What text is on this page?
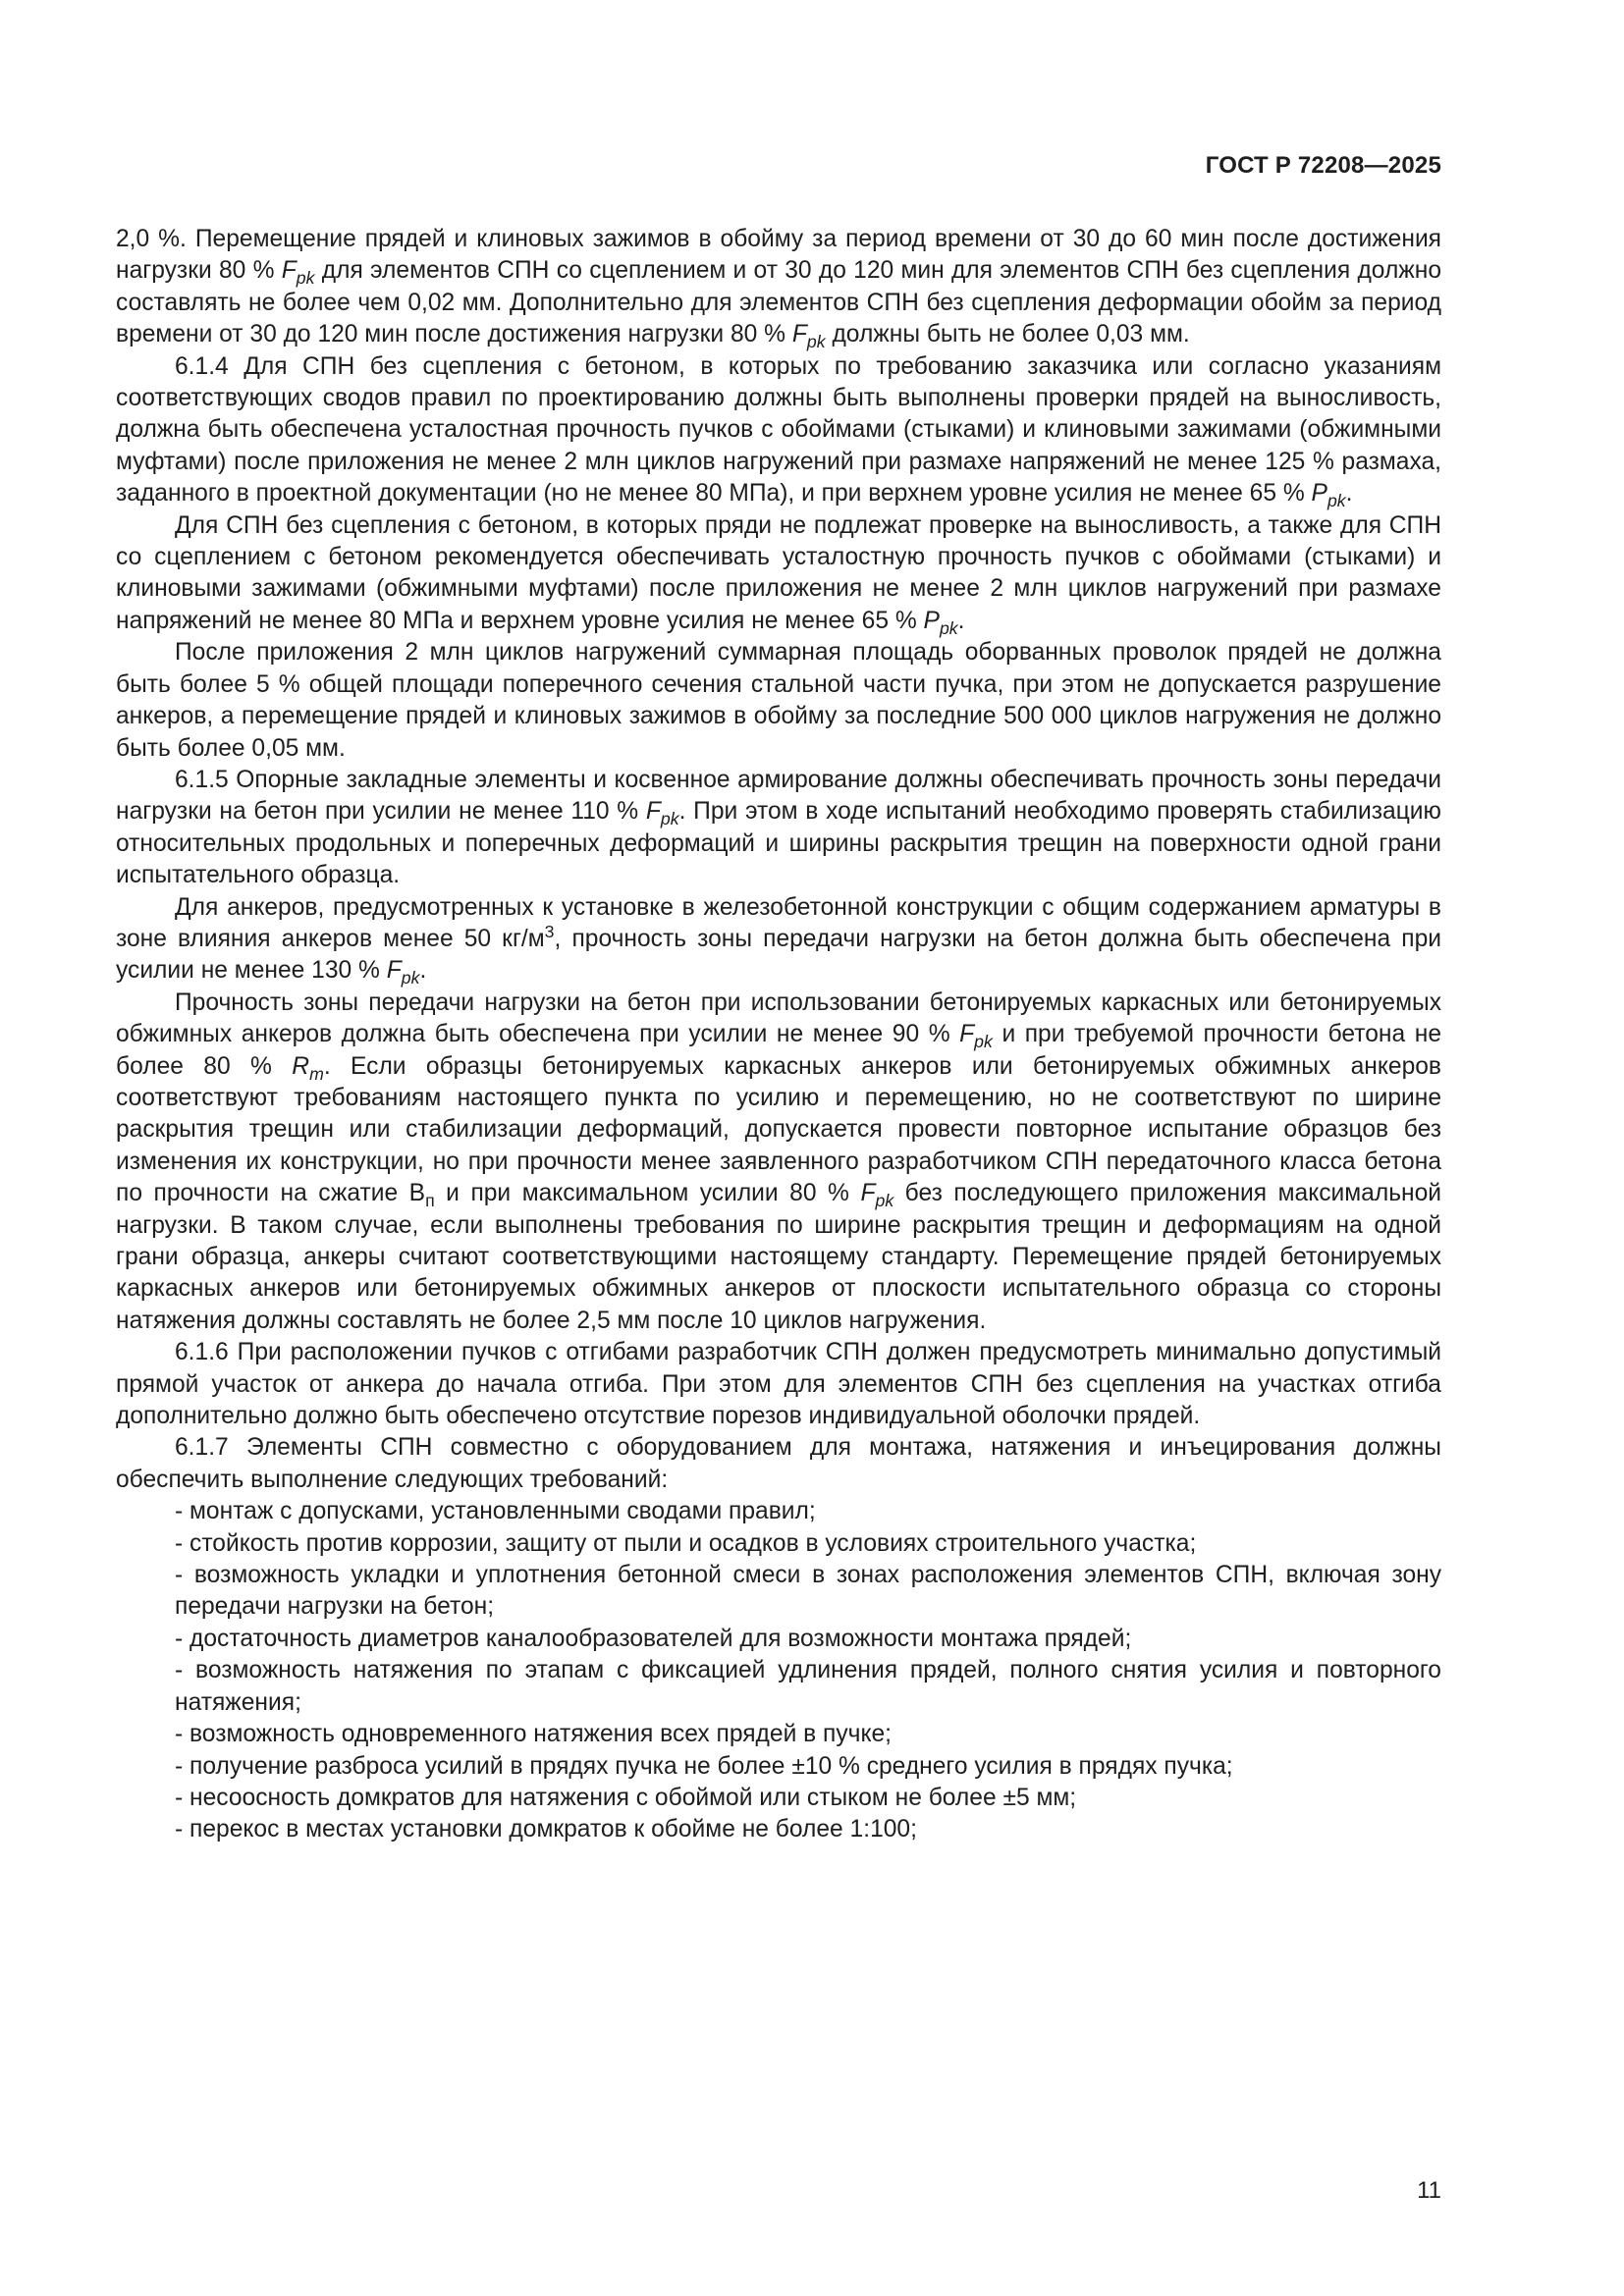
ГОСТ Р 72208—2025

2,0 %. Перемещение прядей и клиновых зажимов в обойму за период времени от 30 до 60 мин после достижения нагрузки 80 % $F_{pk}$ для элементов СПН со сцеплением и от 30 до 120 мин для элементов СПН без сцепления должно составлять не более чем 0,02 мм. Дополнительно для элементов СПН без сцепления деформации обойм за период времени от 30 до 120 мин после достижения нагрузки 80 % $F_{pk}$ должны быть не более 0,03 мм.

6.1.4 Для СПН без сцепления с бетоном, в которых по требованию заказчика или согласно указаниям соответствующих сводов правил по проектированию должны быть выполнены проверки прядей на выносливость, должна быть обеспечена усталостная прочность пучков с обоймами (стыками) и клиновыми зажимами (обжимными муфтами) после приложения не менее 2 млн циклов нагружений при размахе напряжений не менее 125 % размаха, заданного в проектной документации (но не менее 80 МПа), и при верхнем уровне усилия не менее 65 % $P_{pk}$.

Для СПН без сцепления с бетоном, в которых пряди не подлежат проверке на выносливость, а также для СПН со сцеплением с бетоном рекомендуется обеспечивать усталостную прочность пучков с обоймами (стыками) и клиновыми зажимами (обжимными муфтами) после приложения не менее 2 млн циклов нагружений при размахе напряжений не менее 80 МПа и верхнем уровне усилия не менее 65 % $P_{pk}$.

После приложения 2 млн циклов нагружений суммарная площадь оборванных проволок прядей не должна быть более 5 % общей площади поперечного сечения стальной части пучка, при этом не допускается разрушение анкеров, а перемещение прядей и клиновых зажимов в обойму за последние 500 000 циклов нагружения не должно быть более 0,05 мм.

6.1.5 Опорные закладные элементы и косвенное армирование должны обеспечивать прочность зоны передачи нагрузки на бетон при усилии не менее 110 % $F_{pk}$. При этом в ходе испытаний необходимо проверять стабилизацию относительных продольных и поперечных деформаций и ширины раскрытия трещин на поверхности одной грани испытательного образца.

Для анкеров, предусмотренных к установке в железобетонной конструкции с общим содержанием арматуры в зоне влияния анкеров менее 50 $кг/м^3$, прочность зоны передачи нагрузки на бетон должна быть обеспечена при усилии не менее 130 % $F_{pk}$.

Прочность зоны передачи нагрузки на бетон при использовании бетонируемых каркасных или бетонируемых обжимных анкеров должна быть обеспечена при усилии не менее 90 % $F_{pk}$ и при требуемой прочности бетона не более 80 % $R_т$. Если образцы бетонируемых каркасных анкеров или бетонируемых обжимных анкеров соответствуют требованиям настоящего пункта по усилию и перемещению, но не соответствуют по ширине раскрытия трещин или стабилизации деформаций, допускается провести повторное испытание образцов без изменения их конструкции, но при прочности менее заявленного разработчиком СПН передаточного класса бетона по прочности на сжатие $В_п$ и при максимальном усилии 80 % $F_{pk}$ без последующего приложения максимальной нагрузки. В таком случае, если выполнены требования по ширине раскрытия трещин и деформациям на одной грани образца, анкеры считают соответствующими настоящему стандарту. Перемещение прядей бетонируемых каркасных анкеров или бетонируемых обжимных анкеров от плоскости испытательного образца со стороны натяжения должны составлять не более 2,5 мм после 10 циклов нагружения.

6.1.6 При расположении пучков с отгибами разработчик СПН должен предусмотреть минимально допустимый прямой участок от анкера до начала отгиба. При этом для элементов СПН без сцепления на участках отгиба дополнительно должно быть обеспечено отсутствие порезов индивидуальной оболочки прядей.

6.1.7 Элементы СПН совместно с оборудованием для монтажа, натяжения и инъецирования должны обеспечить выполнение следующих требований:

- монтаж с допусками, установленными сводами правил;

- стойкость против коррозии, защиту от пыли и осадков в условиях строительного участка;

- возможность укладки и уплотнения бетонной смеси в зонах расположения элементов СПН, включая зону передачи нагрузки на бетон;

- достаточность диаметров каналообразователей для возможности монтажа прядей;

- возможность натяжения по этапам с фиксацией удлинения прядей, полного снятия усилия и повторного натяжения;

- возможность одновременного натяжения всех прядей в пучке;

- получение разброса усилий в прядях пучка не более ±10 % среднего усилия в прядях пучка;

- несоосность домкратов для натяжения с обоймой или стыком не более ±5 мм;

- перекос в местах установки домкратов к обойме не более 1:100;

11
